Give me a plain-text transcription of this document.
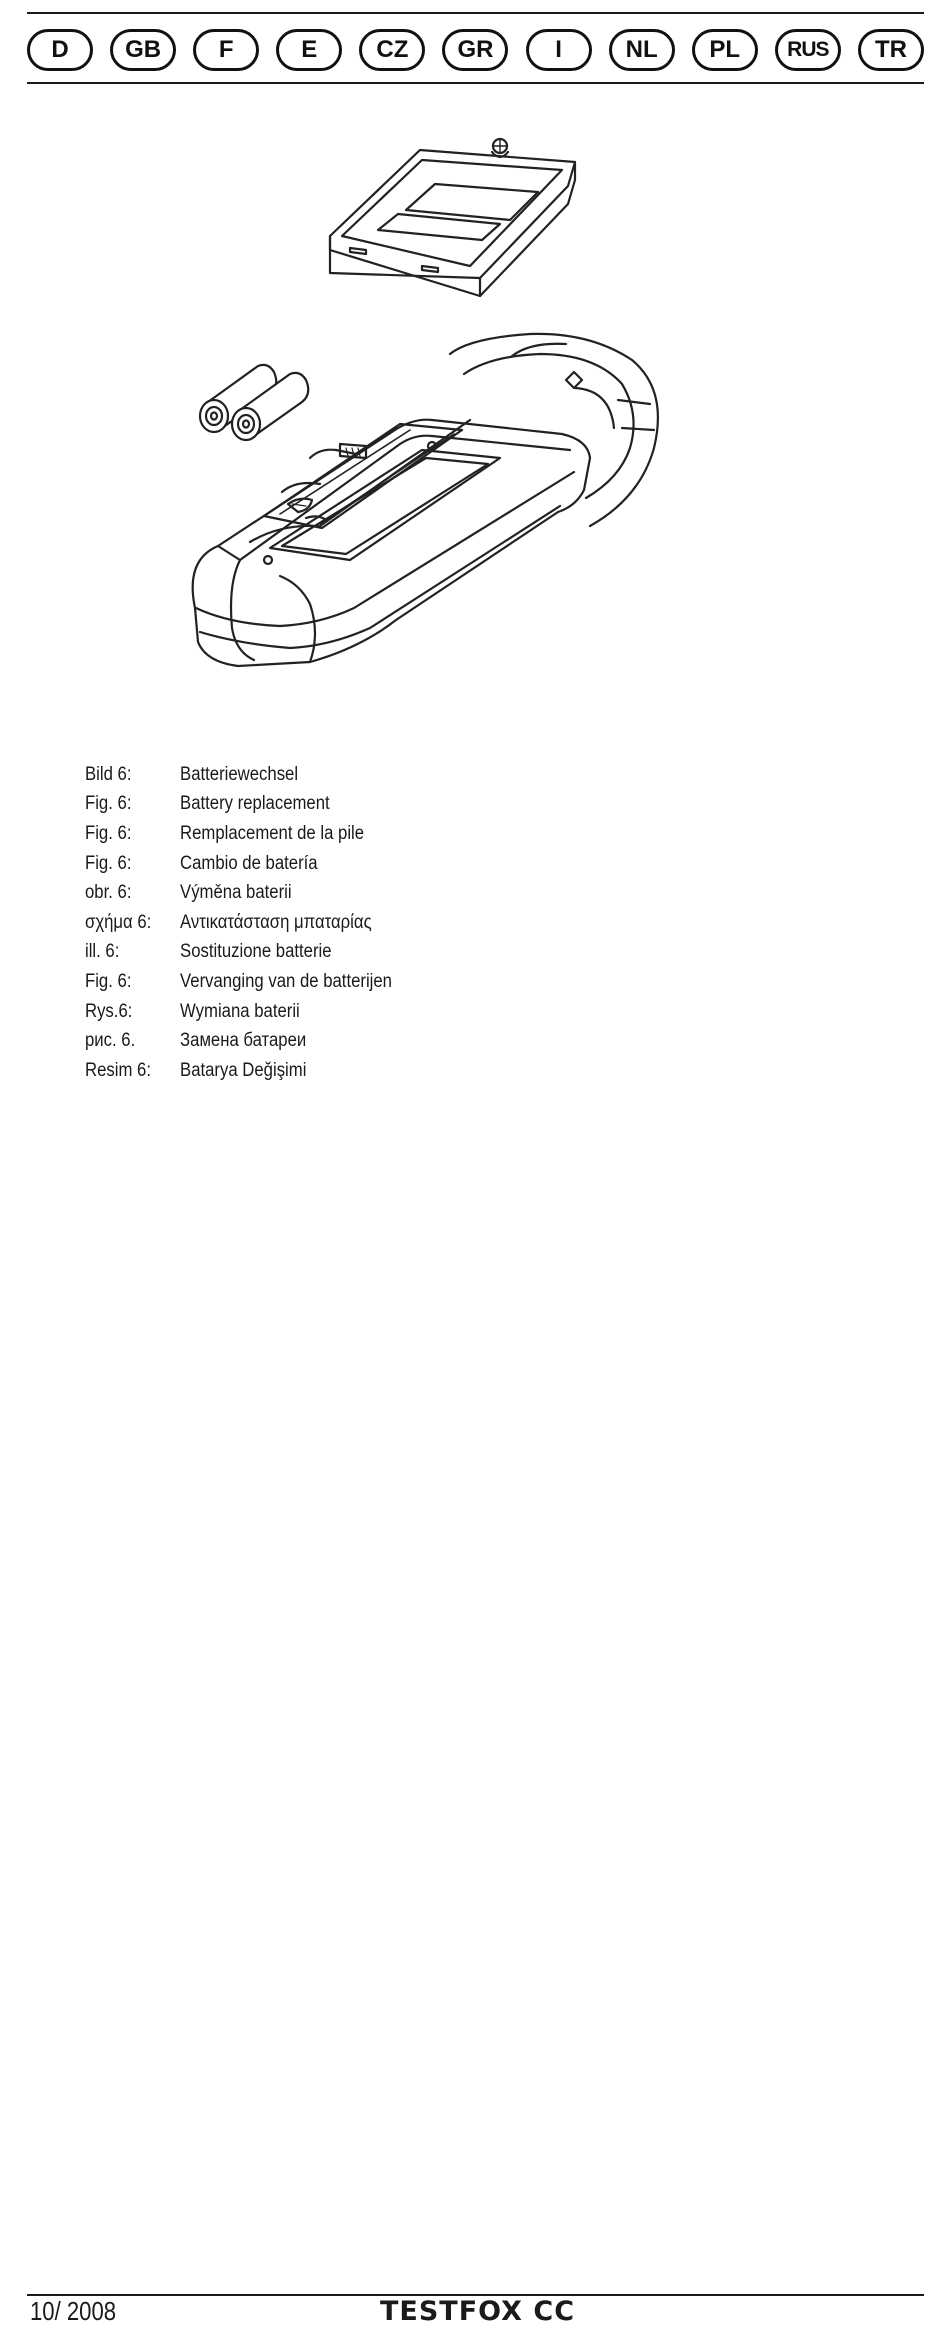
D	GB	F	E	CZ	GR	I	NL	PL	RUS	TR
Bild 6:	Batteriewechsel
Fig. 6:	Battery replacement
Fig. 6:	Remplacement de la pile
Fig. 6:	Cambio de batería
obr. 6:	Výměna baterii
σχήμα 6:	Αντικατάσταση μπαταρίας
ill. 6:	Sostituzione batterie
Fig. 6:	Vervanging van de batterijen
Rys.6:	Wymiana baterii
рис. 6.	Замена батареи
Resim 6:	Batarya Değişimi
10/ 2008	TESTFOX CC
